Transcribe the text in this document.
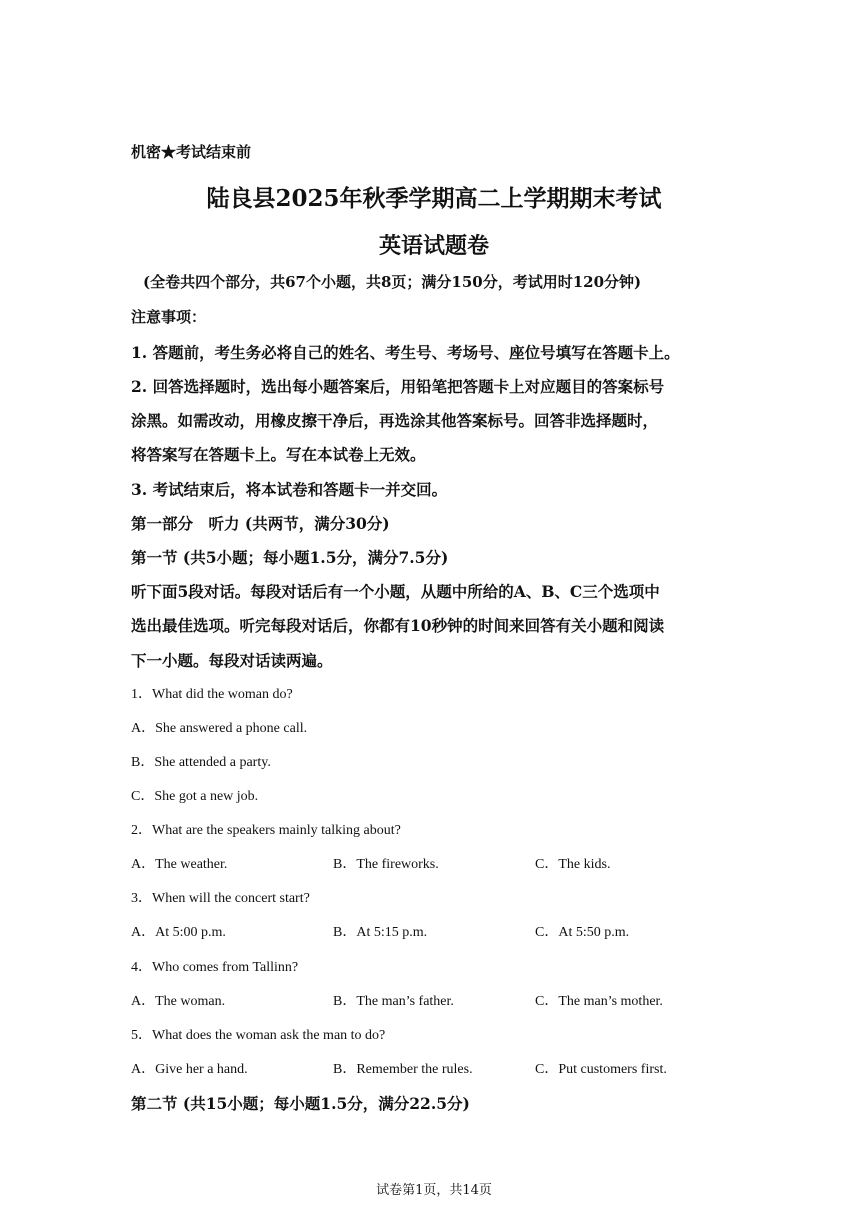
机密★考试结束前
陆良县2025年秋季学期高二上学期期末考试
英语试题卷
(全卷共四个部分，共67个小题，共8页；满分150分，考试用时120分钟)
注意事项：
1. 答题前，考生务必将自己的姓名、考生号、考场号、座位号填写在答题卡上。
2. 回答选择题时，选出每小题答案后，用铅笔把答题卡上对应题目的答案标号
涂黑。如需改动，用橡皮擦干净后，再选涂其他答案标号。回答非选择题时，
将答案写在答题卡上。写在本试卷上无效。
3. 考试结束后，将本试卷和答题卡一并交回。
第一部分　听力 (共两节，满分30分)
第一节 (共5小题；每小题1.5分，满分7.5分)
听下面5段对话。每段对话后有一个小题，从题中所给的A、B、C三个选项中
选出最佳选项。听完每段对话后，你都有10秒钟的时间来回答有关小题和阅读
下一小题。每段对话读两遍。
1．What did the woman do?
A．She answered a phone call.
B．She attended a party.
C．She got a new job.
2．What are the speakers mainly talking about?
A．The weather.	B．The fireworks.	C．The kids.
3．When will the concert start?
A．At 5:00 p.m.	B．At 5:15 p.m.	C．At 5:50 p.m.
4．Who comes from Tallinn?
A．The woman.	B．The man’s father.	C．The man’s mother.
5．What does the woman ask the man to do?
A．Give her a hand.	B．Remember the rules.	C．Put customers first.
第二节 (共15小题；每小题1.5分，满分22.5分)
试卷第1页，共14页
